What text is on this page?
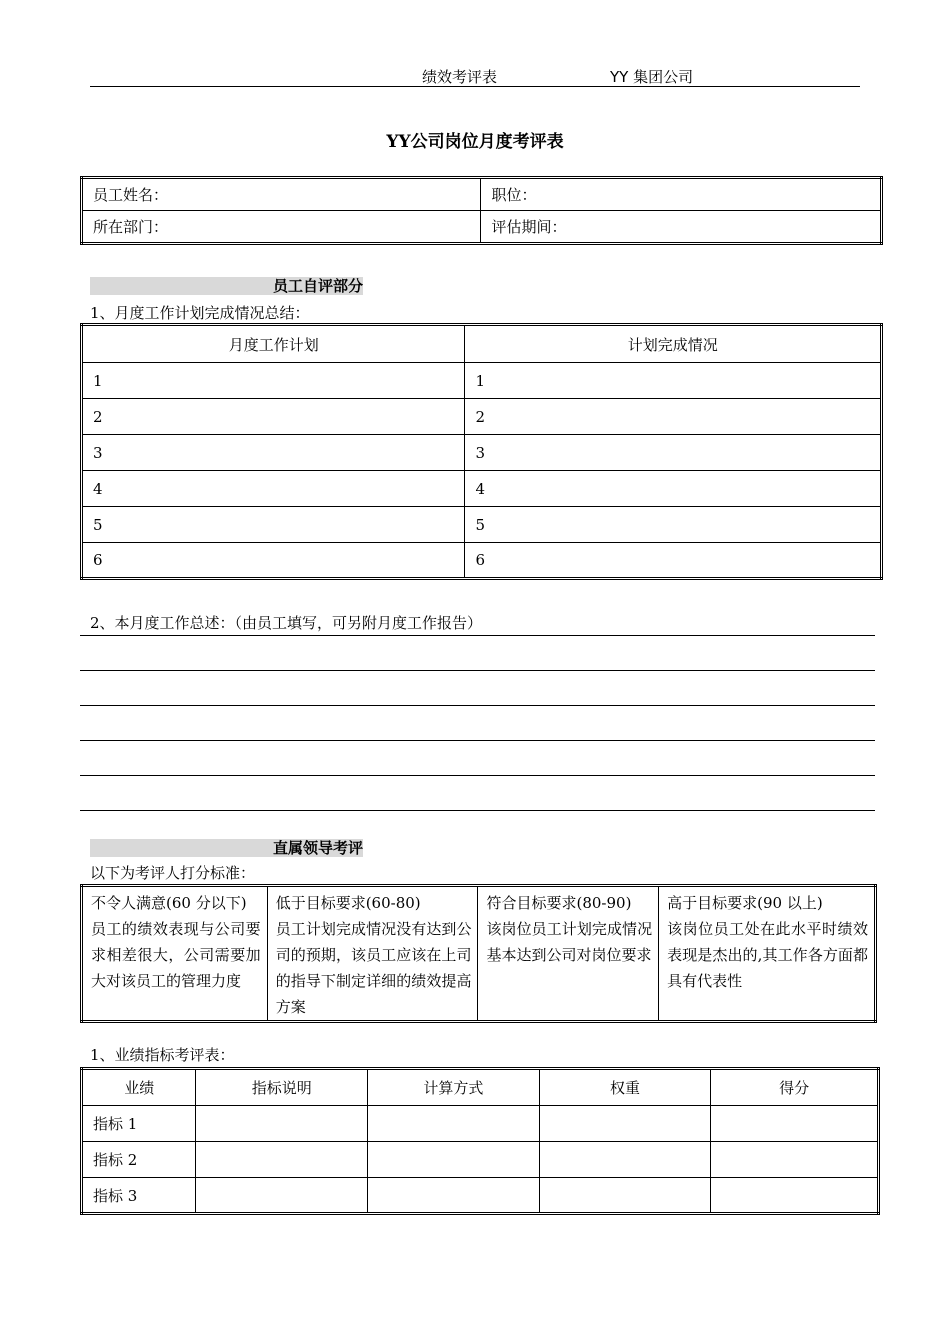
绩效考评表	YY 集团公司
YY公司岗位月度考评表
员工姓名：	职位：
所在部门：	评估期间：
员工自评部分
1、月度工作计划完成情况总结：
月度工作计划	计划完成情况
1	1
2	2
3	3
4	4
5	5
6	6
2、本月度工作总述：（由员工填写，可另附月度工作报告）
直属领导考评
以下为考评人打分标准：
不令人满意(60 分以下)
员工的绩效表现与公司要求相差很大，公司需要加大对该员工的管理力度

低于目标要求(60-80)
员工计划完成情况没有达到公司的预期，该员工应该在上司的指导下制定详细的绩效提高方案

符合目标要求(80-90)
该岗位员工计划完成情况基本达到公司对岗位要求

高于目标要求(90 以上)
该岗位员工处在此水平时绩效表现是杰出的,其工作各方面都具有代表性
1、业绩指标考评表：
业绩	指标说明	计算方式	权重	得分
指标 1				
指标 2				
指标 3				
